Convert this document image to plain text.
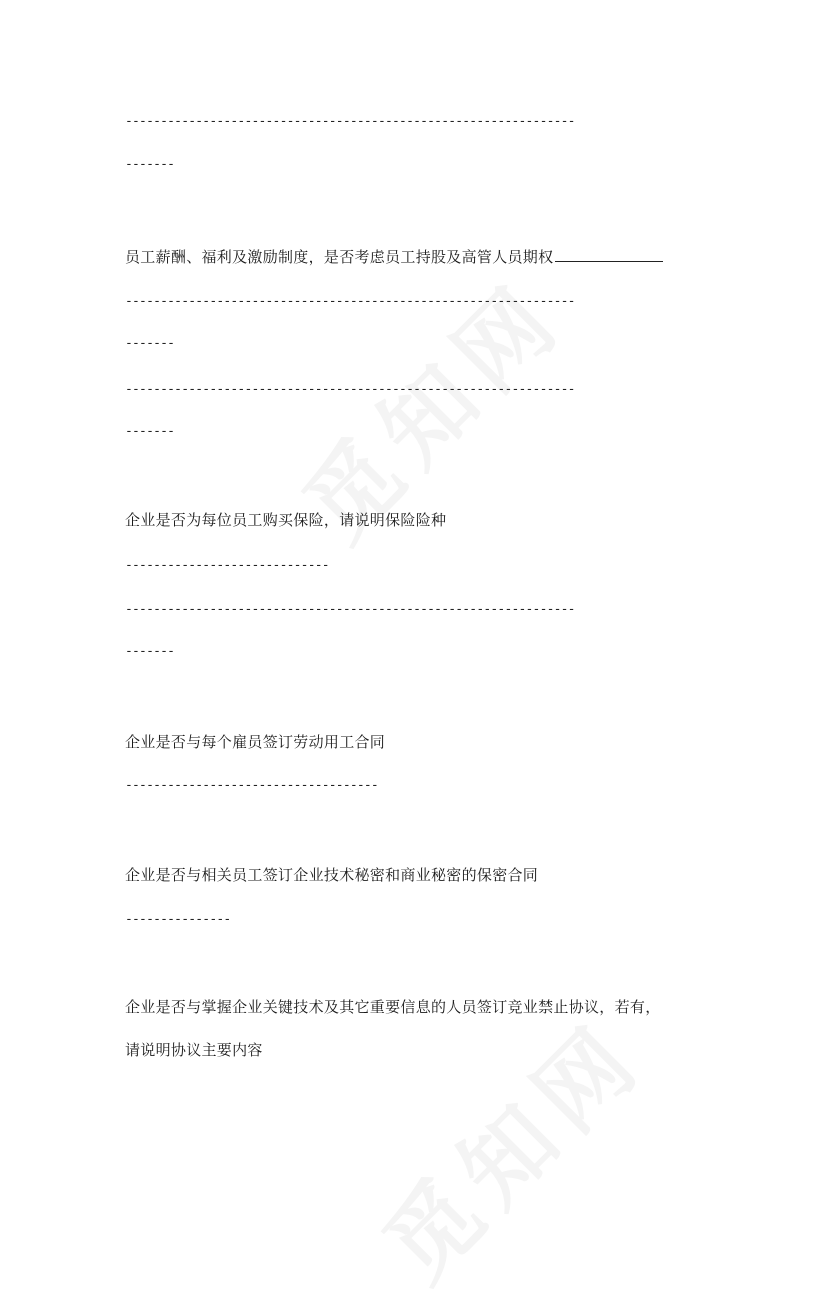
----------------------------------------------------------------
-------
员工薪酬、福利及激励制度，是否考虑员工持股及高管人员期权
----------------------------------------------------------------
-------
----------------------------------------------------------------
-------
企业是否为每位员工购买保险，请说明保险险种
-----------------------------
----------------------------------------------------------------
-------
企业是否与每个雇员签订劳动用工合同
------------------------------------
企业是否与相关员工签订企业技术秘密和商业秘密的保密合同
---------------
企业是否与掌握企业关键技术及其它重要信息的人员签订竞业禁止协议，若有，
请说明协议主要内容
